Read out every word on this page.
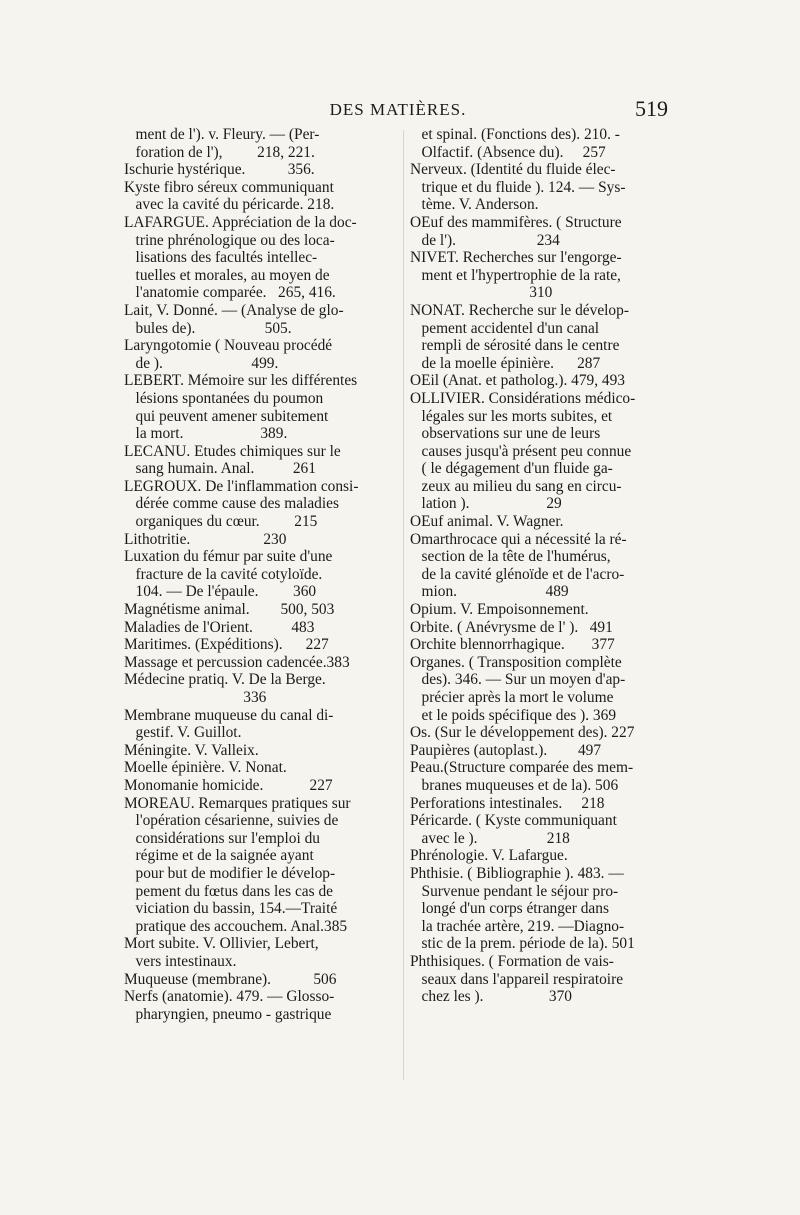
DES MATIÈRES.	519
ment de l'). v. Fleury. — (Per-
foration de l'),         218, 221.
Ischurie hystérique.           356.
Kyste fibro séreux communiquant
avec la cavité du péricarde. 218.
LAFARGUE. Appréciation de la doc-
trine phrénologique ou des loca-
lisations des facultés intellec-
tuelles et morales, au moyen de
l'anatomie comparée.   265, 416.
Lait, V. Donné. — (Analyse de glo-
bules de).                  505.
Laryngotomie ( Nouveau procédé
de ).                       499.
LEBERT. Mémoire sur les différentes
lésions spontanées du poumon
qui peuvent amener subitement
la mort.                    389.
LECANU. Etudes chimiques sur le
sang humain. Anal.          261
LEGROUX. De l'inflammation consi-
dérée comme cause des maladies
organiques du cœur.         215
Lithotritie.                   230
Luxation du fémur par suite d'une
fracture de la cavité cotyloïde.
104. — De l'épaule.         360
Magnétisme animal.        500, 503
Maladies de l'Orient.          483
Maritimes. (Expéditions).      227
Massage et percussion cadencée.383
Médecine pratiq. V. De la Berge.
336
Membrane muqueuse du canal di-
gestif. V. Guillot.
Méningite. V. Valleix.
Moelle épinière. V. Nonat.
Monomanie homicide.            227
MOREAU. Remarques pratiques sur
l'opération césarienne, suivies de
considérations sur l'emploi du
régime et de la saignée ayant
pour but de modifier le dévelop-
pement du fœtus dans les cas de
viciation du bassin, 154.—Traité
pratique des accouchem. Anal.385
Mort subite. V. Ollivier, Lebert,
vers intestinaux.
Muqueuse (membrane).           506
Nerfs (anatomie). 479. — Glosso-
pharyngien, pneumo - gastrique
et spinal. (Fonctions des). 210. -
Olfactif. (Absence du).     257
Nerveux. (Identité du fluide élec-
trique et du fluide ). 124. — Sys-
tème. V. Anderson.
OEuf des mammifères. ( Structure
de l').                     234
NIVET. Recherches sur l'engorge-
ment et l'hypertrophie de la rate,
310
NONAT. Recherche sur le dévelop-
pement accidentel d'un canal
rempli de sérosité dans le centre
de la moelle épinière.      287
OEil (Anat. et patholog.). 479, 493
OLLIVIER. Considérations médico-
légales sur les morts subites, et
observations sur une de leurs
causes jusqu'à présent peu connue
( le dégagement d'un fluide ga-
zeux au milieu du sang en circu-
lation ).                    29
OEuf animal. V. Wagner.
Omarthrocace qui a nécessité la ré-
section de la tête de l'humérus,
de la cavité glénoïde et de l'acro-
mion.                       489
Opium. V. Empoisonnement.
Orbite. ( Anévrysme de l' ).   491
Orchite blennorrhagique.       377
Organes. ( Transposition complète
des). 346. — Sur un moyen d'ap-
précier après la mort le volume
et le poids spécifique des ). 369
Os. (Sur le développement des). 227
Paupières (autoplast.).        497
Peau.(Structure comparée des mem-
branes muqueuses et de la). 506
Perforations intestinales.     218
Péricarde. ( Kyste communiquant
avec le ).                  218
Phrénologie. V. Lafargue.
Phthisie. ( Bibliographie ). 483. —
Survenue pendant le séjour pro-
longé d'un corps étranger dans
la trachée artère, 219. —Diagno-
stic de la prem. période de la). 501
Phthisiques. ( Formation de vais-
seaux dans l'appareil respiratoire
chez les ).                 370
